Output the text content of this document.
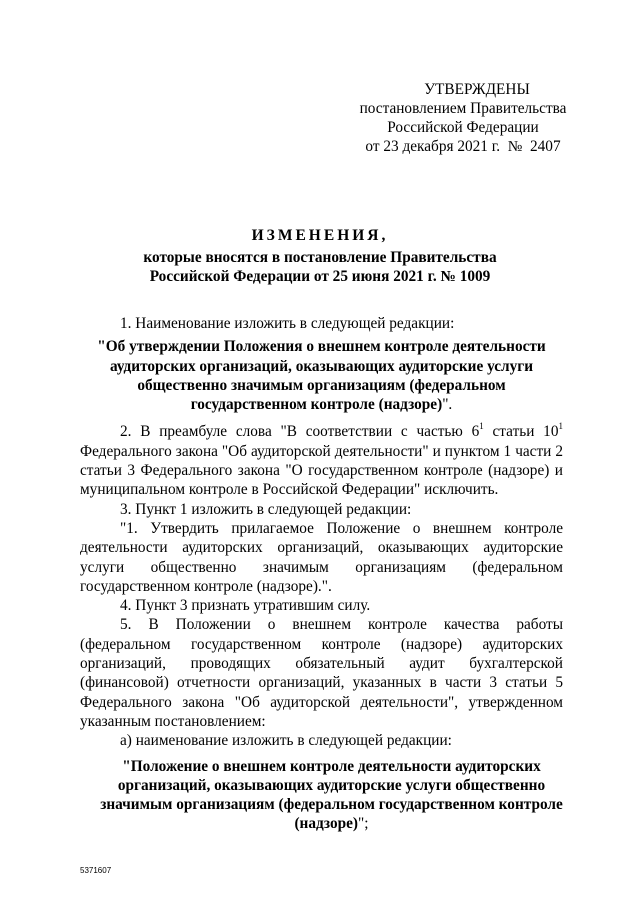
УТВЕРЖДЕНЫ
постановлением Правительства
Российской Федерации
от 23 декабря 2021 г.  №  2407
ИЗМЕНЕНИЯ,
которые вносятся в постановление Правительства
Российской Федерации от 25 июня 2021 г. № 1009

1. Наименование изложить в следующей редакции:

"Об утверждении Положения о внешнем контроле деятельности аудиторских организаций, оказывающих аудиторские услуги общественно значимым организациям (федеральном государственном контроле (надзоре)".

2. В преамбуле слова "В соответствии с частью $6^1$ статьи $10^1$ Федерального закона "Об аудиторской деятельности" и пунктом 1 части 2 статьи 3 Федерального закона "О государственном контроле (надзоре) и муниципальном контроле в Российской Федерации" исключить.

3. Пункт 1 изложить в следующей редакции:

"1. Утвердить прилагаемое Положение о внешнем контроле деятельности аудиторских организаций, оказывающих аудиторские услуги общественно значимым организациям (федеральном государственном контроле (надзоре).".

4. Пункт 3 признать утратившим силу.

5. В Положении о внешнем контроле качества работы (федеральном государственном контроле (надзоре) аудиторских организаций, проводящих обязательный аудит бухгалтерской (финансовой) отчетности организаций, указанных в части 3 статьи 5 Федерального закона "Об аудиторской деятельности", утвержденном указанным постановлением:

а) наименование изложить в следующей редакции:

"Положение о внешнем контроле деятельности аудиторских организаций, оказывающих аудиторские услуги общественно значимым организациям (федеральном государственном контроле (надзоре)";

5371607
